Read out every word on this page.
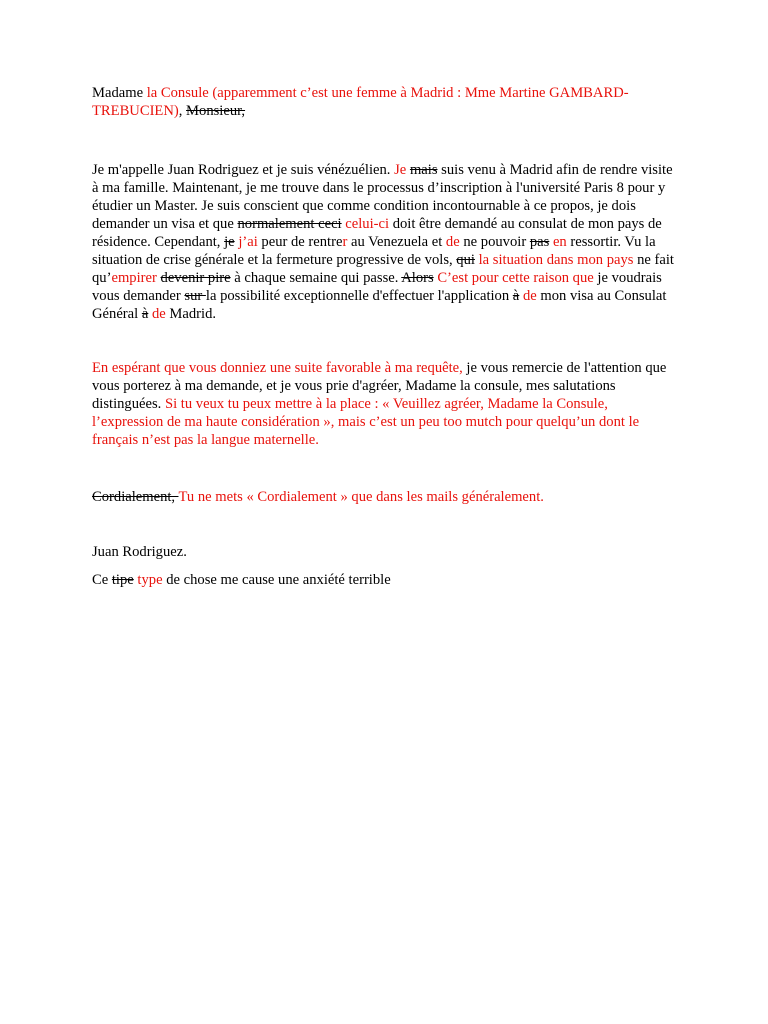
Madame la Consule (apparemment c’est une femme à Madrid : Mme Martine GAMBARD-TREBUCIEN), Monsieur,

Je m'appelle Juan Rodriguez et je suis vénézuélien. Je mais suis venu à Madrid afin de rendre visite à ma famille. Maintenant, je me trouve dans le processus d’inscription à l'université Paris 8 pour y étudier un Master. Je suis conscient que comme condition incontournable à ce propos, je dois demander un visa et que normalement ceci celui-ci doit être demandé au consulat de mon pays de résidence. Cependant, je j’ai peur de rentrer au Venezuela et de ne pouvoir pas en ressortir. Vu la situation de crise générale et la fermeture progressive de vols, qui la situation dans mon pays ne fait qu’empirer devenir pire à chaque semaine qui passe. Alors C’est pour cette raison que je voudrais vous demander sur la possibilité exceptionnelle d'effectuer l'application à de mon visa au Consulat Général à de Madrid.

En espérant que vous donniez une suite favorable à ma requête, je vous remercie de l'attention que vous porterez à ma demande, et je vous prie d'agréer, Madame la consule, mes salutations distinguées. Si tu veux tu peux mettre à la place : « Veuillez agréer, Madame la Consule, l’expression de ma haute considération », mais c’est un peu too mutch pour quelqu’un dont le français n’est pas la langue maternelle.

Cordialement, Tu ne mets « Cordialement » que dans les mails généralement.

Juan Rodriguez.

Ce tipe type de chose me cause une anxiété terrible
